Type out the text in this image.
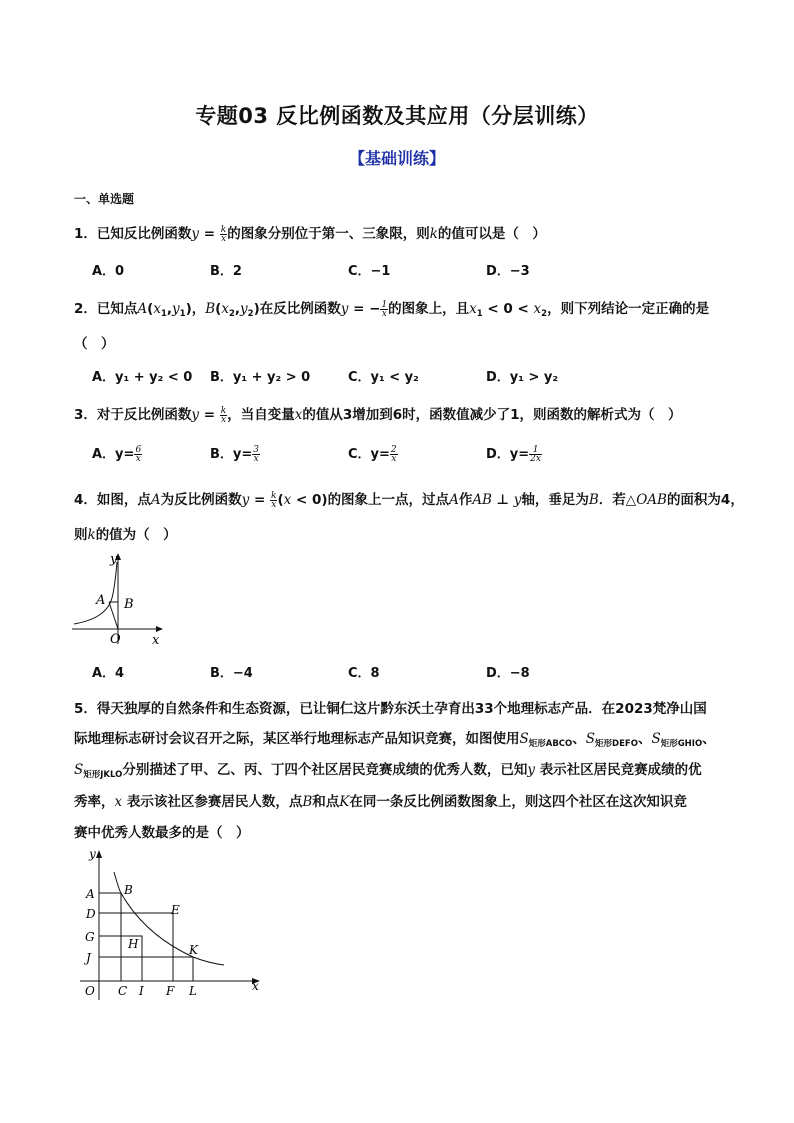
专题03 反比例函数及其应用（分层训练）
【基础训练】
一、单选题
1．已知反比例函数$y = \frac{k}{x}$ 的图象分别位于第一、三象限，则k的值可以是（　）
A．0	B．2	C．−1	D．−3
2．已知点$A(x_1,y_1)$，$B(x_2,y_2)$在反比例函数y = − $\frac{1}{x}$ 的图象上，且$x_1 < 0 < x_2$，则下列结论一定正确的是
（　）
A．y₁ + y₂ < 0 B．y₁ + y₂ > 0	C．y₁ < y₂	D．y₁ > y₂
3．对于反比例函数$y = \frac{k}{x}$ ，当自变量x的值从3增加到6时，函数值减少了1，则函数的解析式为（　）
A．$y= \frac{6}{x}$	B．$y= \frac{3}{x}$	C．$y= \frac{2}{x}$	D．$y= \frac{1}{2x}$
4．如图，点A为反比例函数$y = \frac{k}{x} (x < 0)$的图象上一点，过点A作AB ⊥ y轴，垂足为B．若△OAB的面积为4，
则k的值为（　）
y
A B
O x
A．4	B．−4	C．8	D．−8
5．得天独厚的自然条件和生态资源，已让铜仁这片黔东沃土孕育出33个地理标志产品．在2023梵净山国
际地理标志研讨会议召开之际，某区举行地理标志产品知识竞赛，如图使用$S_{矩形ABCO}$、$S_{矩形DEFO}$、$S_{矩形GHIO}$、
$S_{矩形JKLO}$分别描述了甲、乙、丙、丁四个社区居民竞赛成绩的优秀人数，已知y 表示社区居民竞赛成绩的优
秀率，x 表示该社区参赛居民人数，点B和点K在同一条反比例函数图象上，则这四个社区在这次知识竞
赛中优秀人数最多的是（　）
y
x
A B
D	E
G	H
J
K
O C I F L
